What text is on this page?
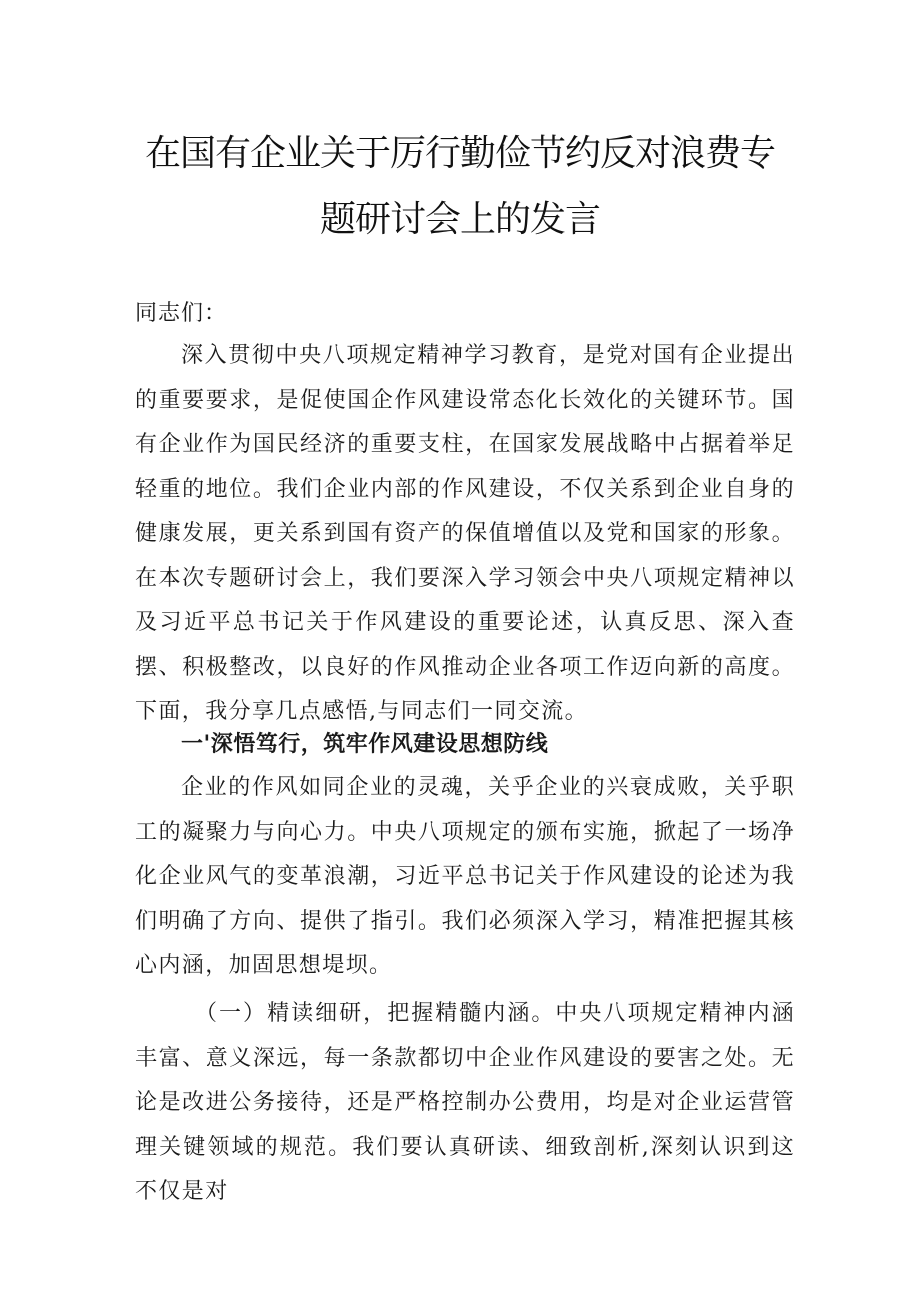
在国有企业关于厉行勤俭节约反对浪费专
题研讨会上的发言

同志们：

深入贯彻中央八项规定精神学习教育，是党对国有企业提出的重要要求，是促使国企作风建设常态化长效化的关键环节。国有企业作为国民经济的重要支柱，在国家发展战略中占据着举足轻重的地位。我们企业内部的作风建设，不仅关系到企业自身的健康发展，更关系到国有资产的保值增值以及党和国家的形象。在本次专题研讨会上，我们要深入学习领会中央八项规定精神以及习近平总书记关于作风建设的重要论述，认真反思、深入查摆、积极整改，以良好的作风推动企业各项工作迈向新的高度。下面，我分享几点感悟,与同志们一同交流。

一'深悟笃行，筑牢作风建设思想防线

企业的作风如同企业的灵魂，关乎企业的兴衰成败，关乎职工的凝聚力与向心力。中央八项规定的颁布实施，掀起了一场净化企业风气的变革浪潮，习近平总书记关于作风建设的论述为我们明确了方向、提供了指引。我们必须深入学习，精准把握其核心内涵，加固思想堤坝。

（一）精读细研，把握精髓内涵。中央八项规定精神内涵丰富、意义深远，每一条款都切中企业作风建设的要害之处。无论是改进公务接待，还是严格控制办公费用，均是对企业运营管理关键领域的规范。我们要认真研读、细致剖析,深刻认识到这不仅是对
